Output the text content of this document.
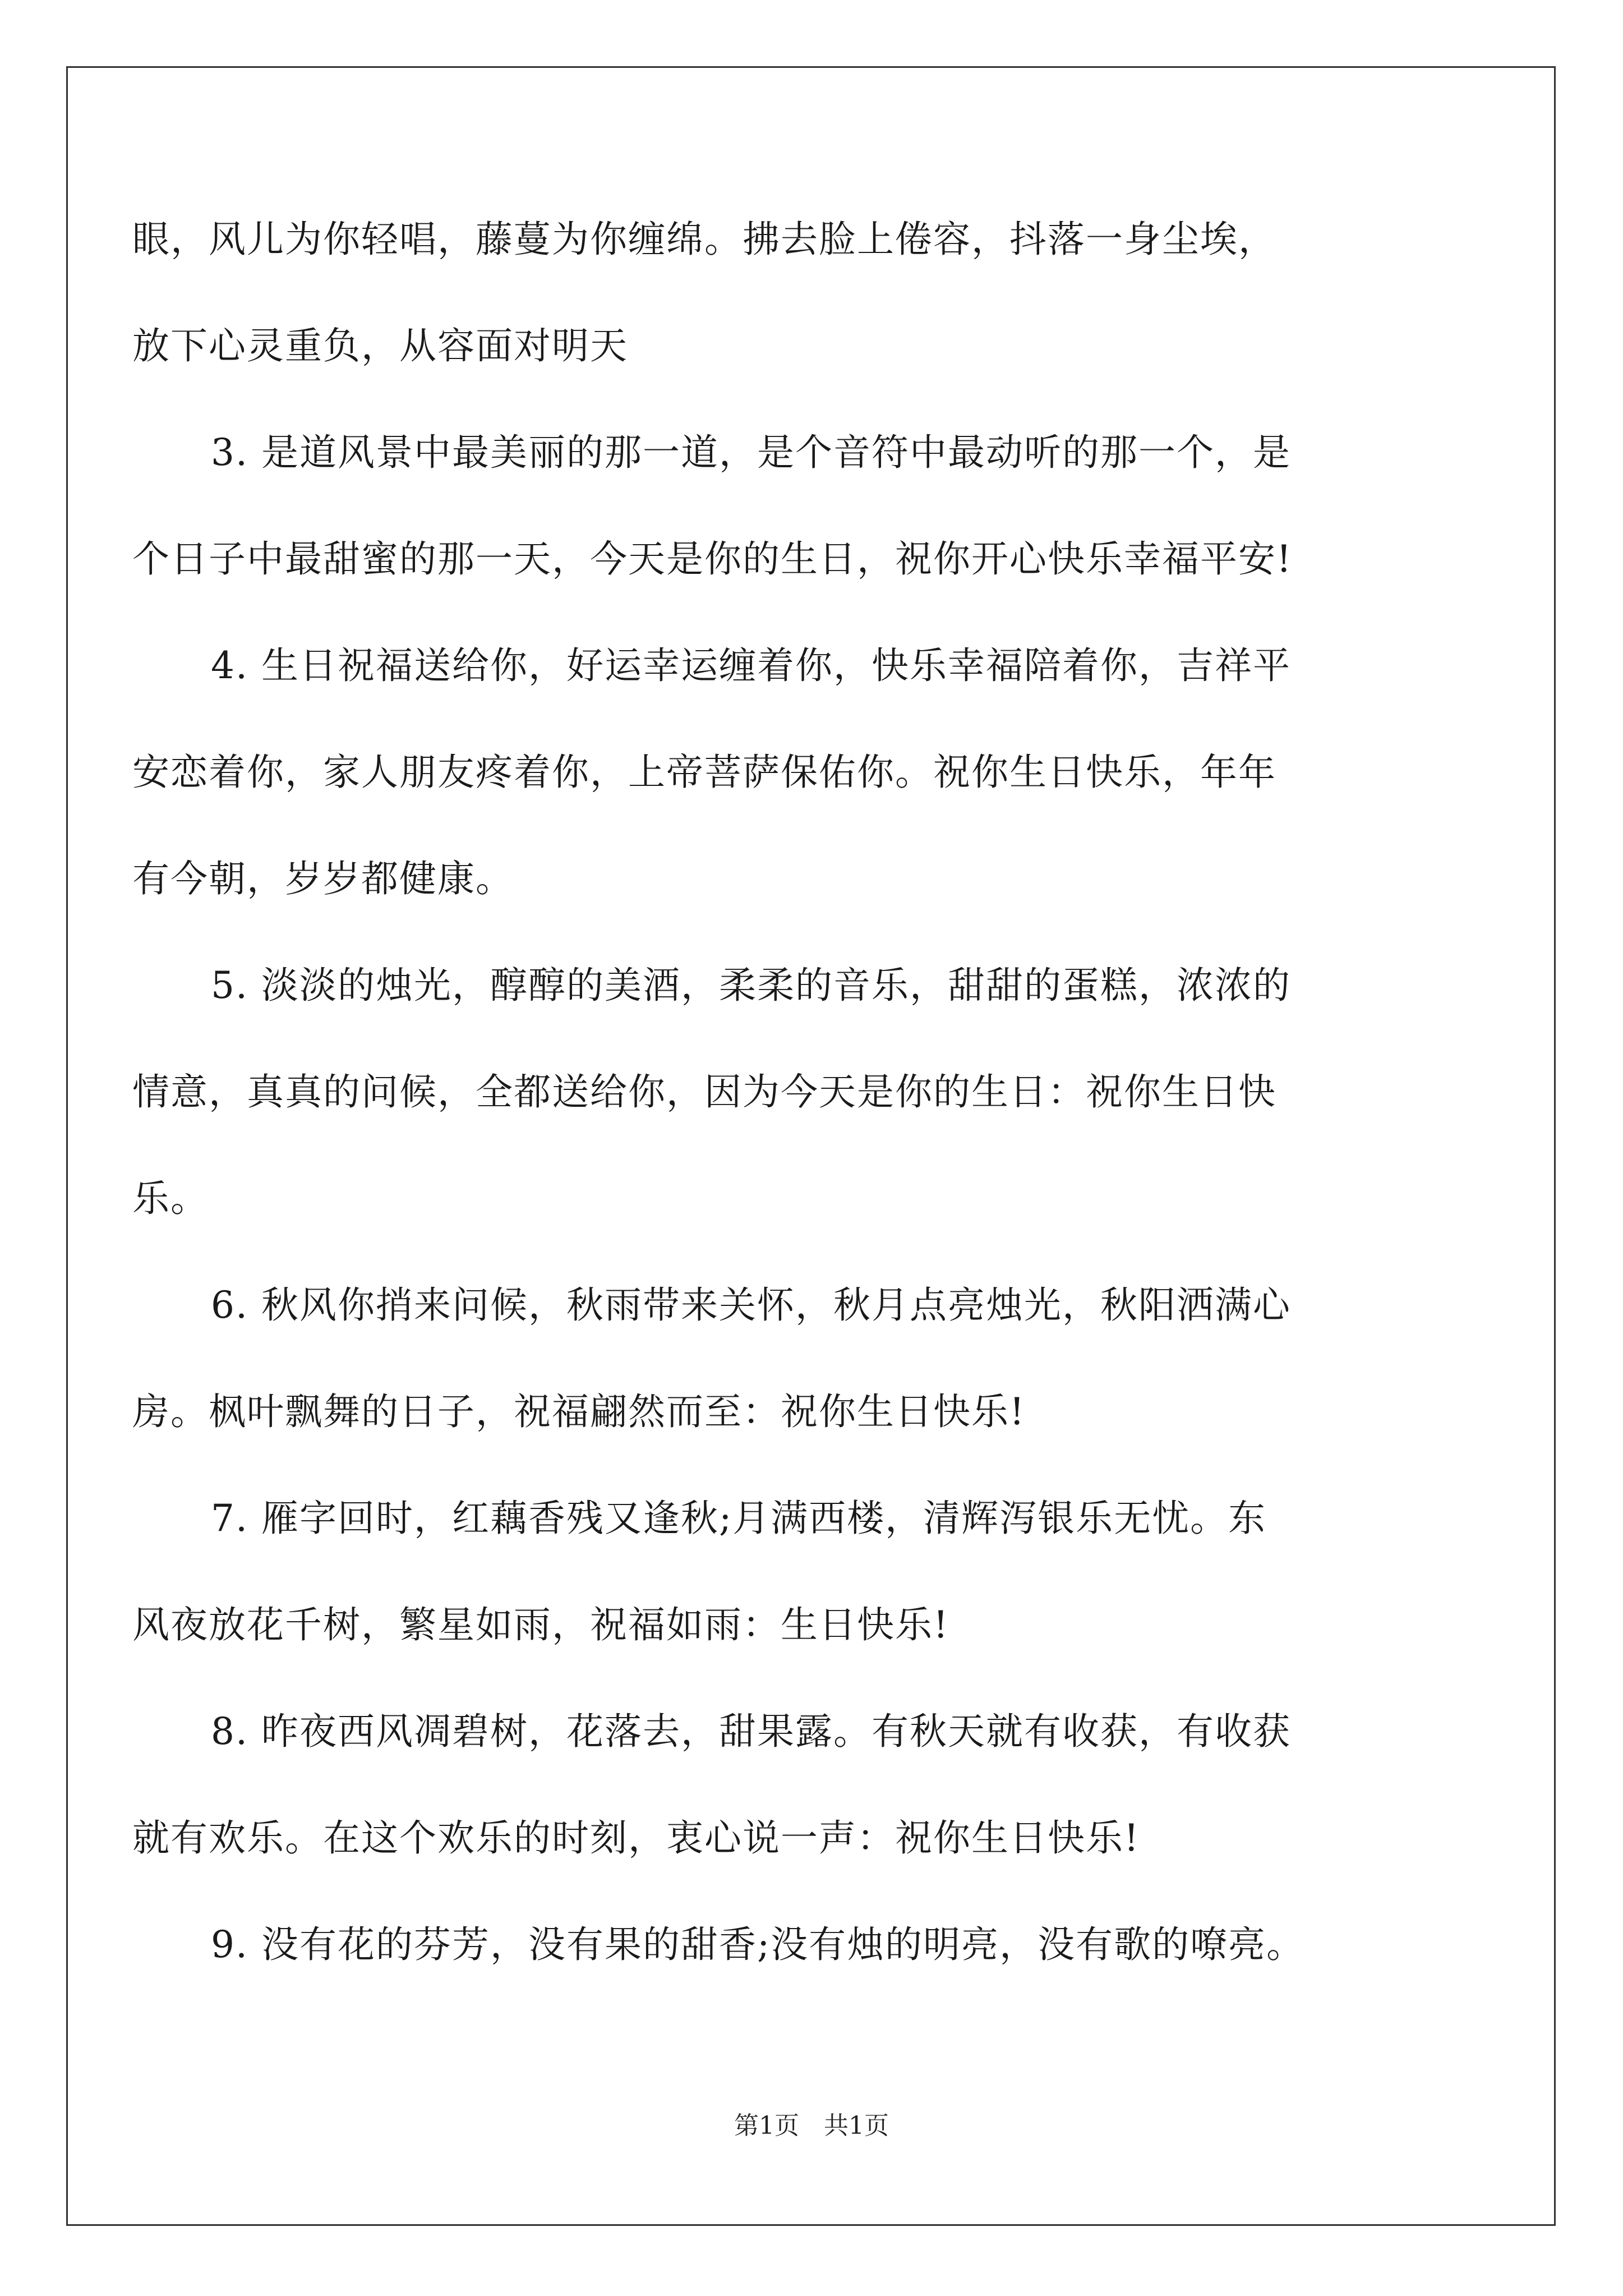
眼，风儿为你轻唱，藤蔓为你缠绵。拂去脸上倦容，抖落一身尘埃，
放下心灵重负，从容面对明天
3. 是道风景中最美丽的那一道，是个音符中最动听的那一个，是
个日子中最甜蜜的那一天，今天是你的生日，祝你开心快乐幸福平安!
4. 生日祝福送给你，好运幸运缠着你，快乐幸福陪着你，吉祥平
安恋着你，家人朋友疼着你，上帝菩萨保佑你。祝你生日快乐，年年
有今朝，岁岁都健康。
5. 淡淡的烛光，醇醇的美酒，柔柔的音乐，甜甜的蛋糕，浓浓的
情意，真真的问候，全都送给你，因为今天是你的生日：祝你生日快
乐。
6. 秋风你捎来问候，秋雨带来关怀，秋月点亮烛光，秋阳洒满心
房。枫叶飘舞的日子，祝福翩然而至：祝你生日快乐!
7. 雁字回时，红藕香残又逢秋;月满西楼，清辉泻银乐无忧。东
风夜放花千树，繁星如雨，祝福如雨：生日快乐!
8. 昨夜西风凋碧树，花落去，甜果露。有秋天就有收获，有收获
就有欢乐。在这个欢乐的时刻，衷心说一声：祝你生日快乐!
9. 没有花的芬芳，没有果的甜香;没有烛的明亮，没有歌的嘹亮。
第1页 共1页
